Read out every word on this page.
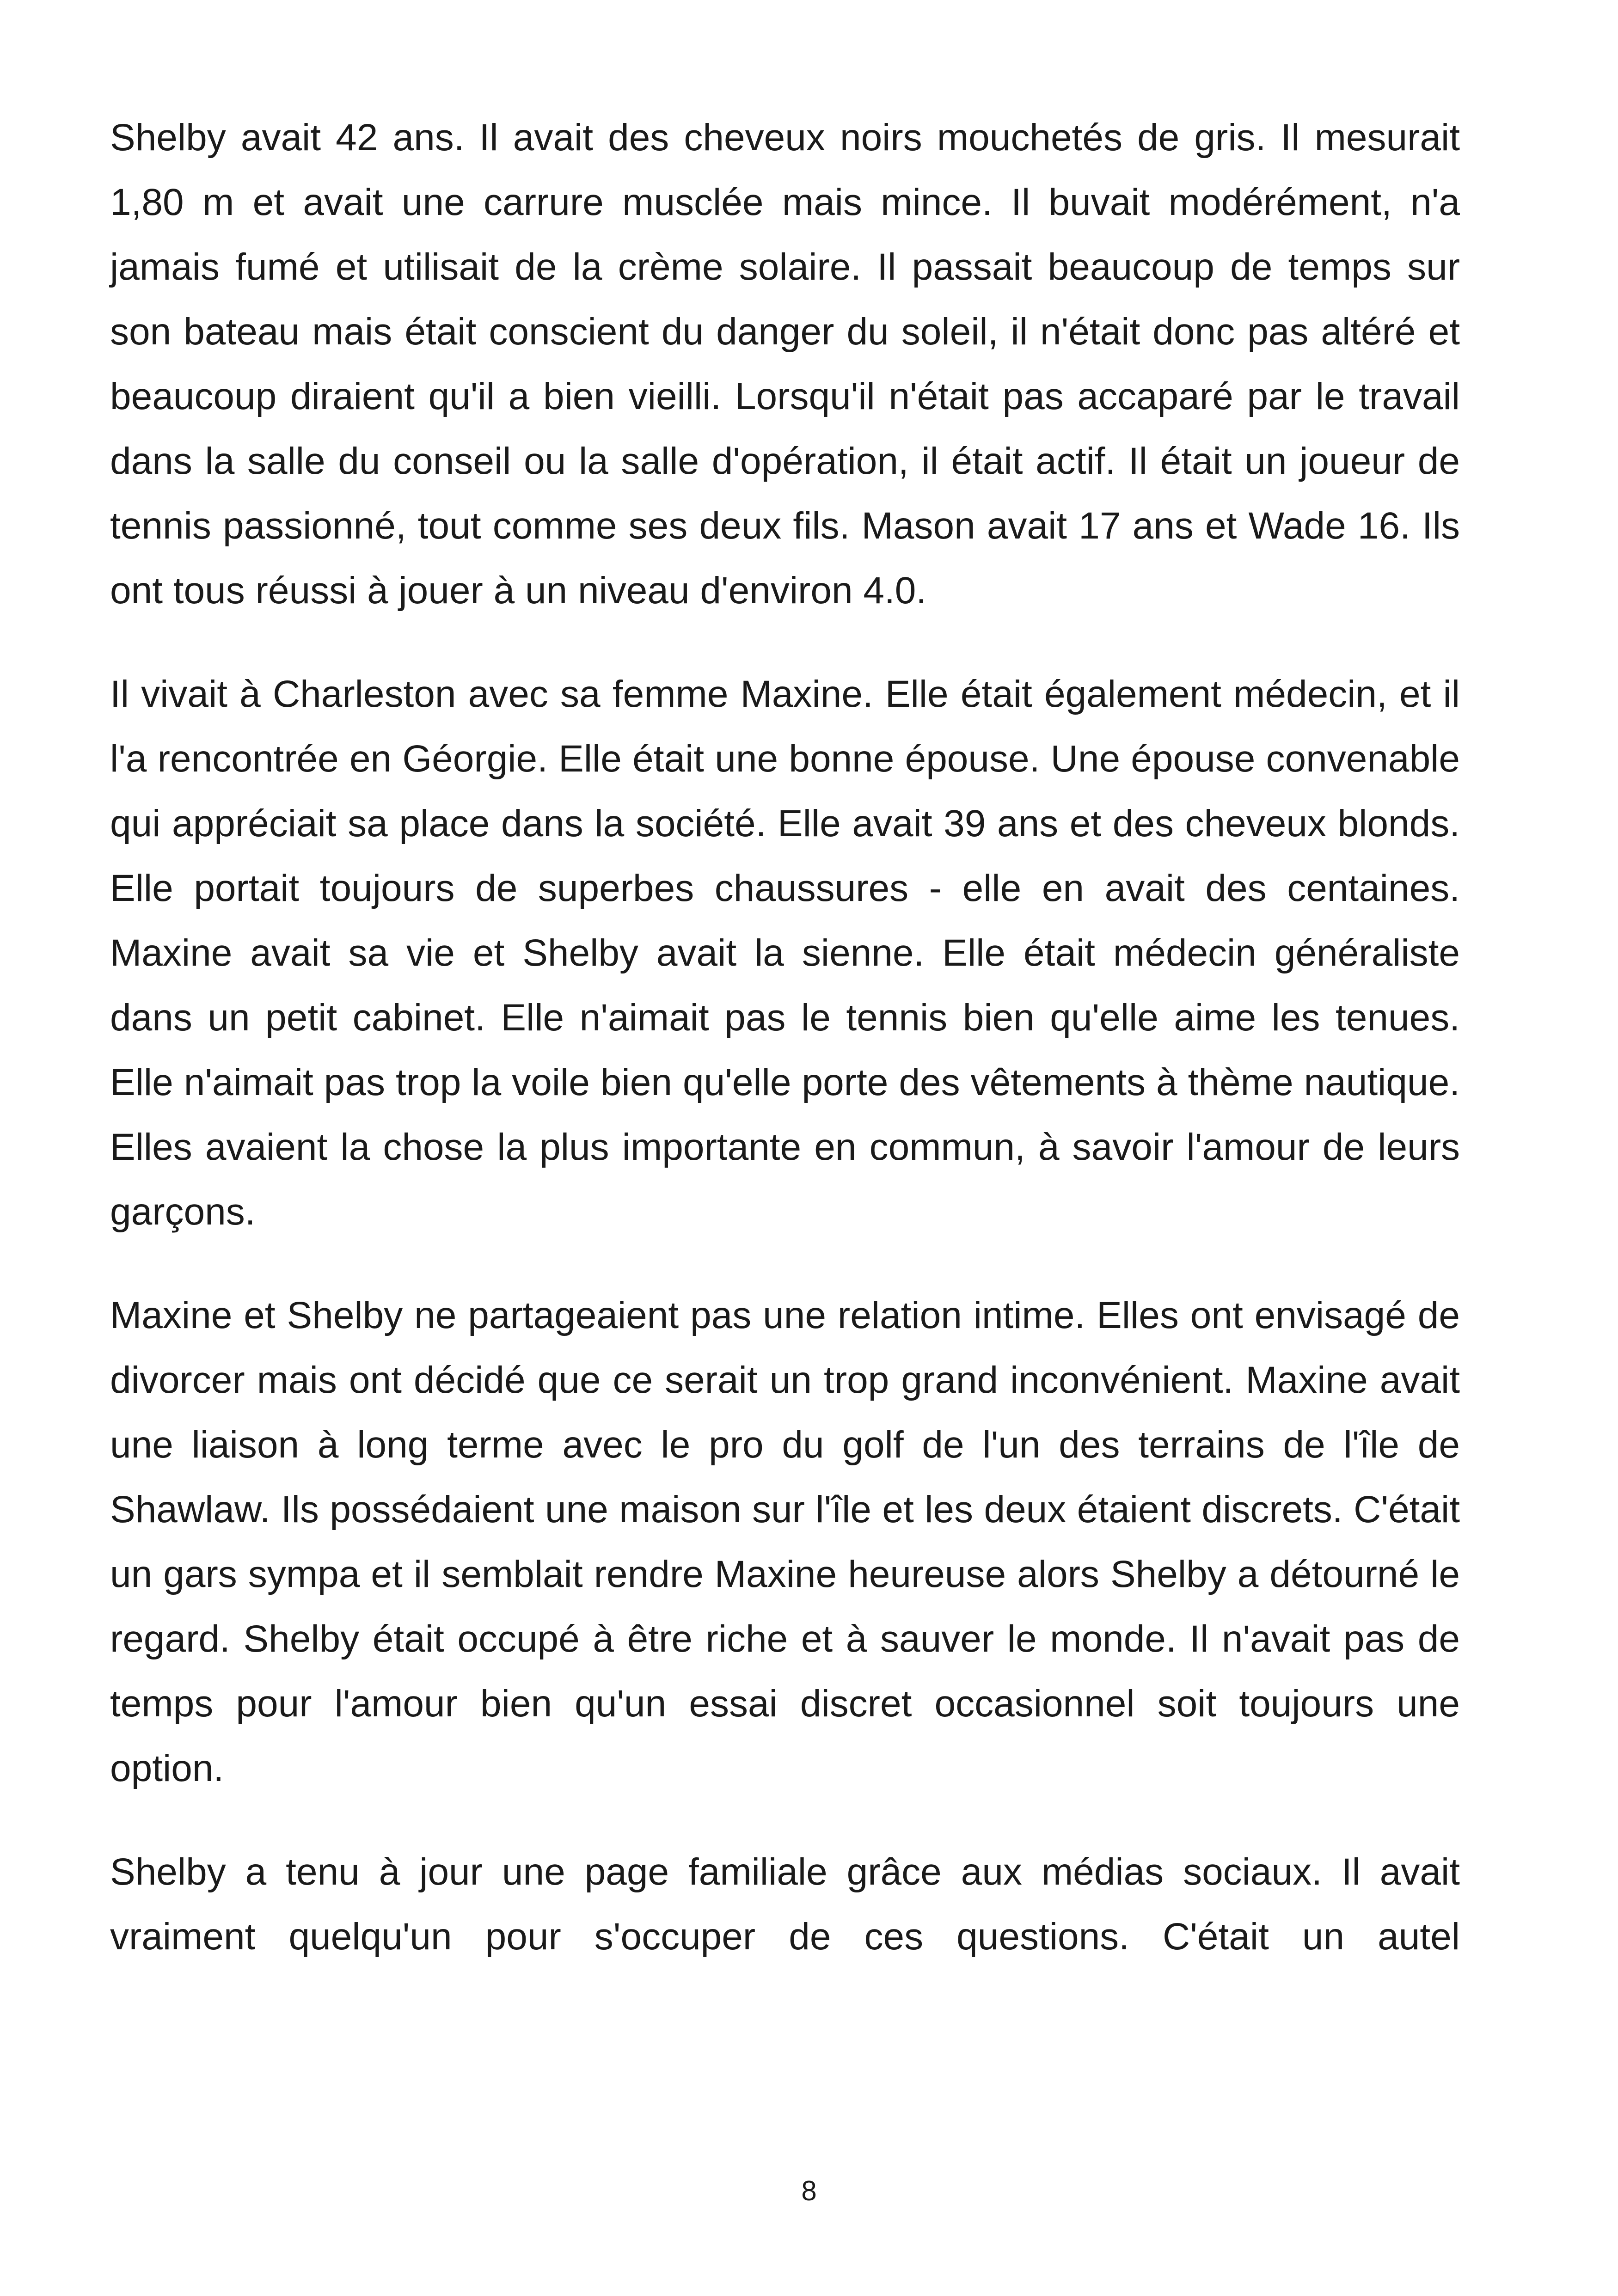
Shelby avait 42 ans. Il avait des cheveux noirs mouchetés de gris. Il mesurait 1,80 m et avait une carrure musclée mais mince. Il buvait modérément, n'a jamais fumé et utilisait de la crème solaire. Il passait beaucoup de temps sur son bateau mais était conscient du danger du soleil, il n'était donc pas altéré et beaucoup diraient qu'il a bien vieilli. Lorsqu'il n'était pas accaparé par le travail dans la salle du conseil ou la salle d'opération, il était actif. Il était un joueur de tennis passionné, tout comme ses deux fils. Mason avait 17 ans et Wade 16. Ils ont tous réussi à jouer à un niveau d'environ 4.0.

Il vivait à Charleston avec sa femme Maxine. Elle était également médecin, et il l'a rencontrée en Géorgie. Elle était une bonne épouse. Une épouse convenable qui appréciait sa place dans la société. Elle avait 39 ans et des cheveux blonds. Elle portait toujours de superbes chaussures - elle en avait des centaines. Maxine avait sa vie et Shelby avait la sienne. Elle était médecin généraliste dans un petit cabinet. Elle n'aimait pas le tennis bien qu'elle aime les tenues. Elle n'aimait pas trop la voile bien qu'elle porte des vêtements à thème nautique. Elles avaient la chose la plus importante en commun, à savoir l'amour de leurs garçons.

Maxine et Shelby ne partageaient pas une relation intime. Elles ont envisagé de divorcer mais ont décidé que ce serait un trop grand inconvénient. Maxine avait une liaison à long terme avec le pro du golf de l'un des terrains de l'île de Shawlaw. Ils possédaient une maison sur l'île et les deux étaient discrets. C'était un gars sympa et il semblait rendre Maxine heureuse alors Shelby a détourné le regard. Shelby était occupé à être riche et à sauver le monde. Il n'avait pas de temps pour l'amour bien qu'un essai discret occasionnel soit toujours une option.

Shelby a tenu à jour une page familiale grâce aux médias sociaux. Il avait vraiment quelqu'un pour s'occuper de ces questions. C'était un autel

8
